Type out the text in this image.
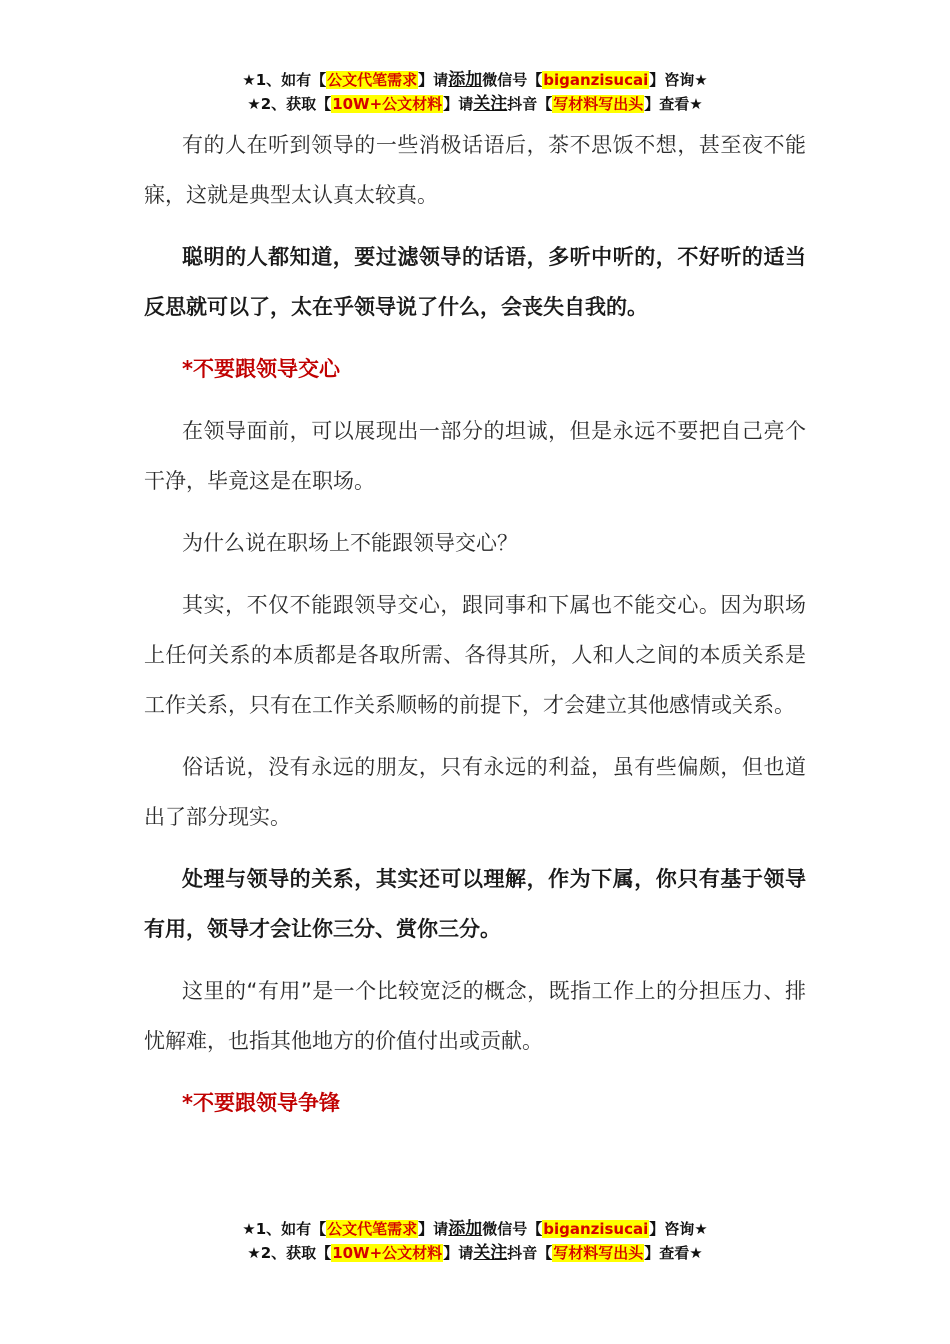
★1、如有【公文代笔需求】请添加微信号【biganzisucai】咨询★
★2、获取【10W+公文材料】请关注抖音【写材料写出头】查看★

有的人在听到领导的一些消极话语后，茶不思饭不想，甚至夜不能寐，这就是典型太认真太较真。

聪明的人都知道，要过滤领导的话语，多听中听的，不好听的适当反思就可以了，太在乎领导说了什么，会丧失自我的。

*不要跟领导交心

在领导面前，可以展现出一部分的坦诚，但是永远不要把自己亮个干净，毕竟这是在职场。

为什么说在职场上不能跟领导交心？

其实，不仅不能跟领导交心，跟同事和下属也不能交心。因为职场上任何关系的本质都是各取所需、各得其所，人和人之间的本质关系是工作关系，只有在工作关系顺畅的前提下，才会建立其他感情或关系。

俗话说，没有永远的朋友，只有永远的利益，虽有些偏颇，但也道出了部分现实。

处理与领导的关系，其实还可以理解，作为下属，你只有基于领导有用，领导才会让你三分、赏你三分。

这里的“有用”是一个比较宽泛的概念，既指工作上的分担压力、排忧解难，也指其他地方的价值付出或贡献。

*不要跟领导争锋

★1、如有【公文代笔需求】请添加微信号【biganzisucai】咨询★
★2、获取【10W+公文材料】请关注抖音【写材料写出头】查看★
